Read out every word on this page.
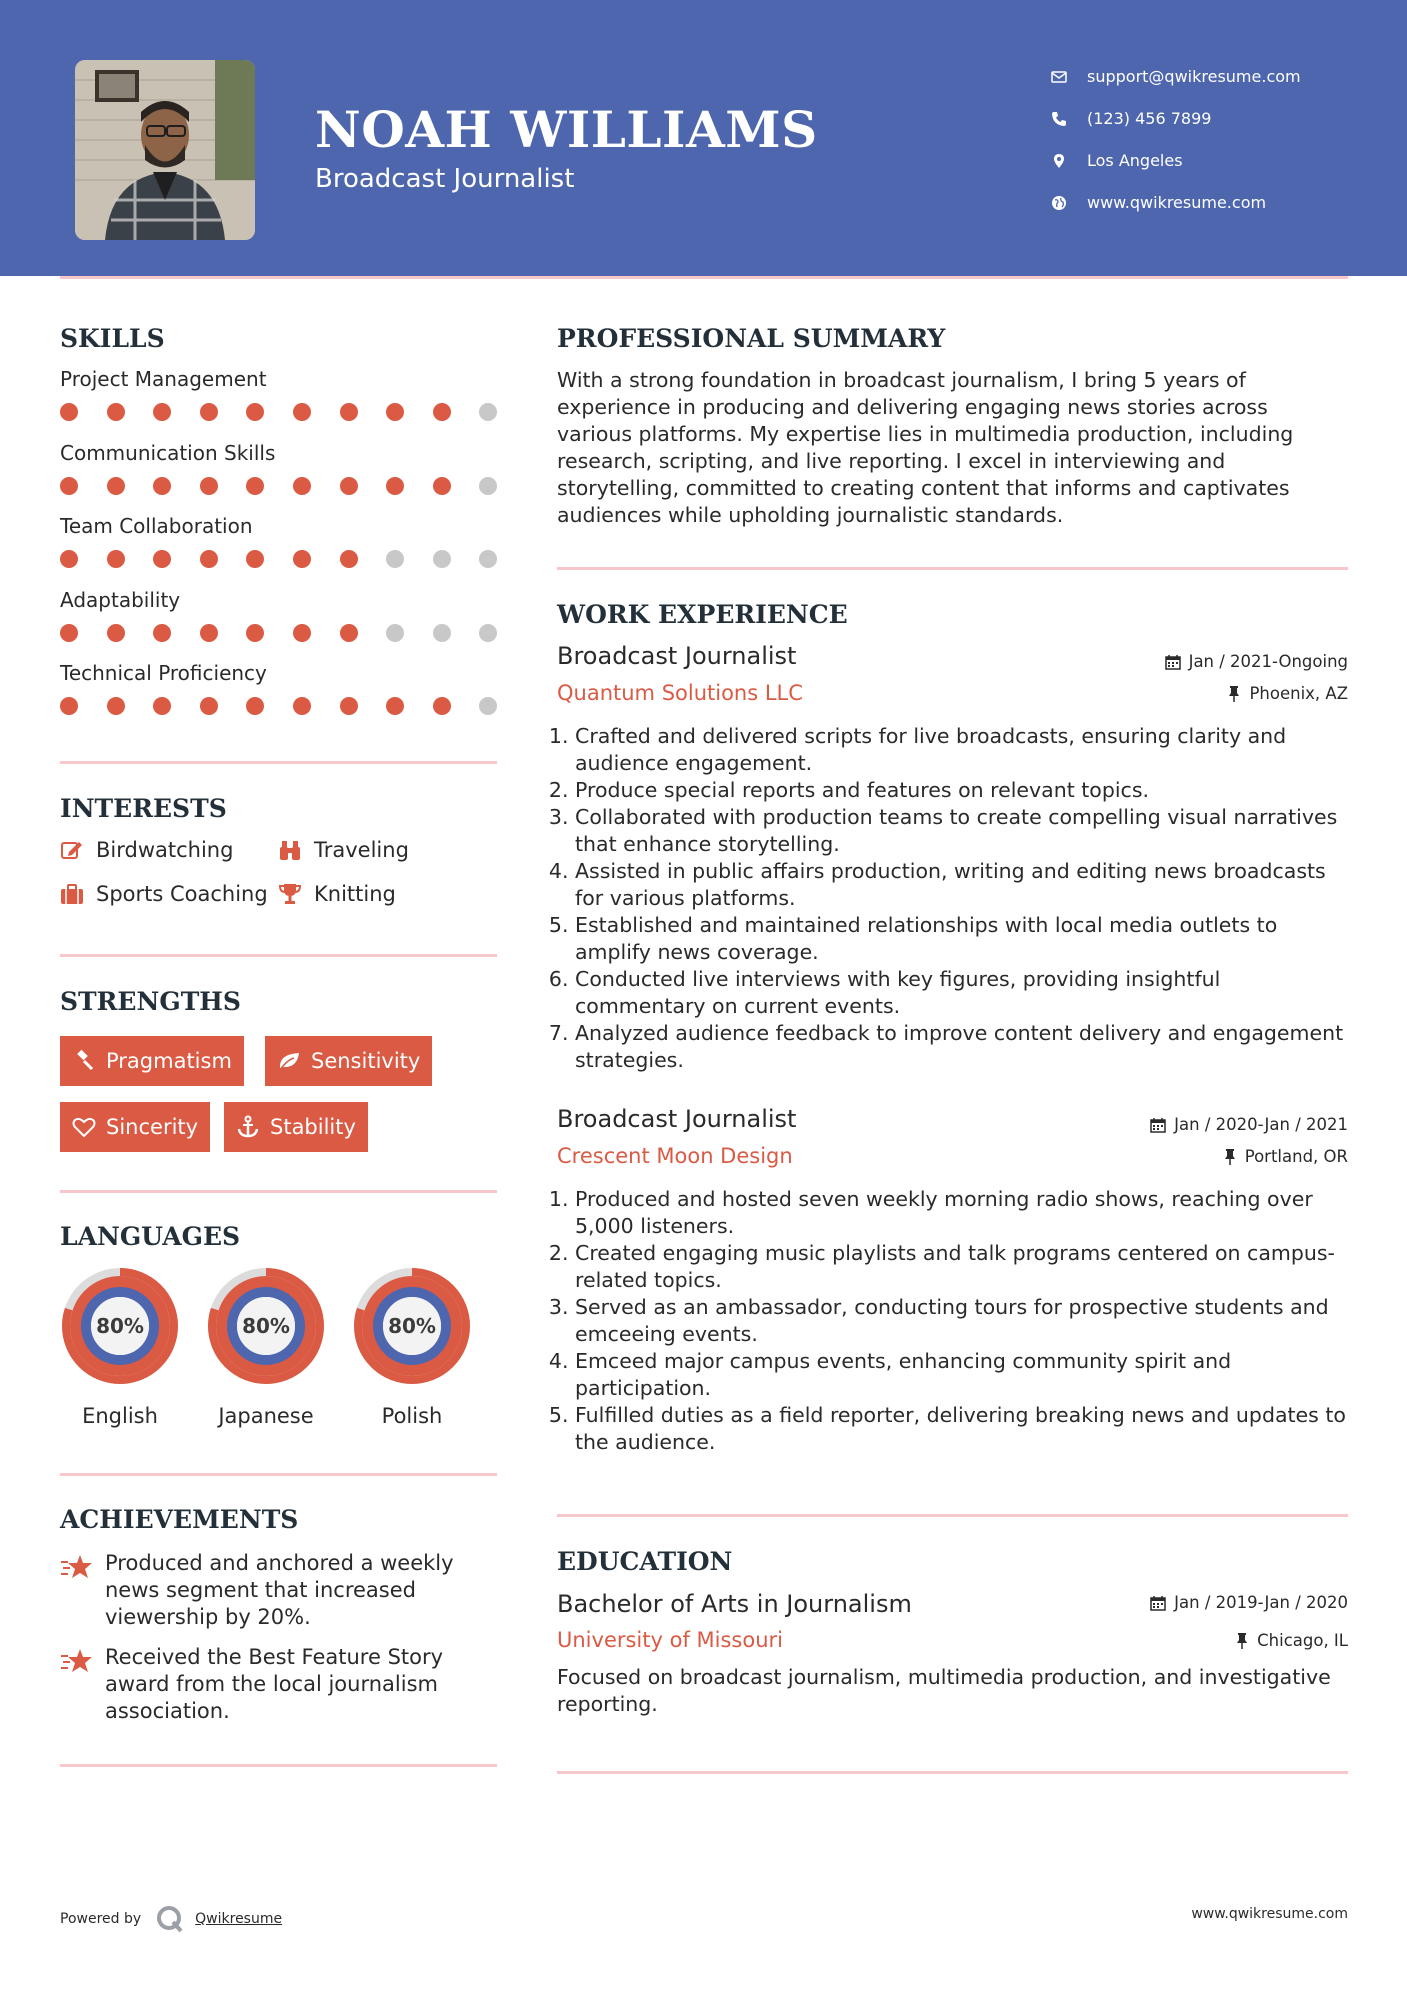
NOAH WILLIAMS
Broadcast Journalist
support@qwikresume.com
(123) 456 7899
Los Angeles
www.qwikresume.com
SKILLS
Project Management
Communication Skills
Team Collaboration
Adaptability
Technical Proficiency
INTERESTS
Birdwatching	Traveling
Sports Coaching Knitting
STRENGTHS
Pragmatism	Sensitivity
Sincerity	Stability
LANGUAGES
80%
English
80%
Japanese
80%
Polish
ACHIEVEMENTS
Produced and anchored a weekly news segment that increased viewership by 20%.
Received the Best Feature Story award from the local journalism association.
PROFESSIONAL SUMMARY
With a strong foundation in broadcast journalism, I bring 5 years of experience in producing and delivering engaging news stories across various platforms. My expertise lies in multimedia production, including research, scripting, and live reporting. I excel in interviewing and storytelling, committed to creating content that informs and captivates audiences while upholding journalistic standards.
WORK EXPERIENCE
Broadcast Journalist	Jan / 2021-Ongoing
Quantum Solutions LLC	Phoenix, AZ
1. Crafted and delivered scripts for live broadcasts, ensuring clarity and audience engagement.
2. Produce special reports and features on relevant topics.
3. Collaborated with production teams to create compelling visual narratives that enhance storytelling.
4. Assisted in public affairs production, writing and editing news broadcasts for various platforms.
5. Established and maintained relationships with local media outlets to amplify news coverage.
6. Conducted live interviews with key figures, providing insightful commentary on current events.
7. Analyzed audience feedback to improve content delivery and engagement strategies.
Broadcast Journalist	Jan / 2020-Jan / 2021
Crescent Moon Design	Portland, OR
1. Produced and hosted seven weekly morning radio shows, reaching over 5,000 listeners.
2. Created engaging music playlists and talk programs centered on campus-related topics.
3. Served as an ambassador, conducting tours for prospective students and emceeing events.
4. Emceed major campus events, enhancing community spirit and participation.
5. Fulfilled duties as a field reporter, delivering breaking news and updates to the audience.
EDUCATION
Bachelor of Arts in Journalism	Jan / 2019-Jan / 2020
University of Missouri	Chicago, IL
Focused on broadcast journalism, multimedia production, and investigative reporting.
Powered by	Qwikresume	www.qwikresume.com
